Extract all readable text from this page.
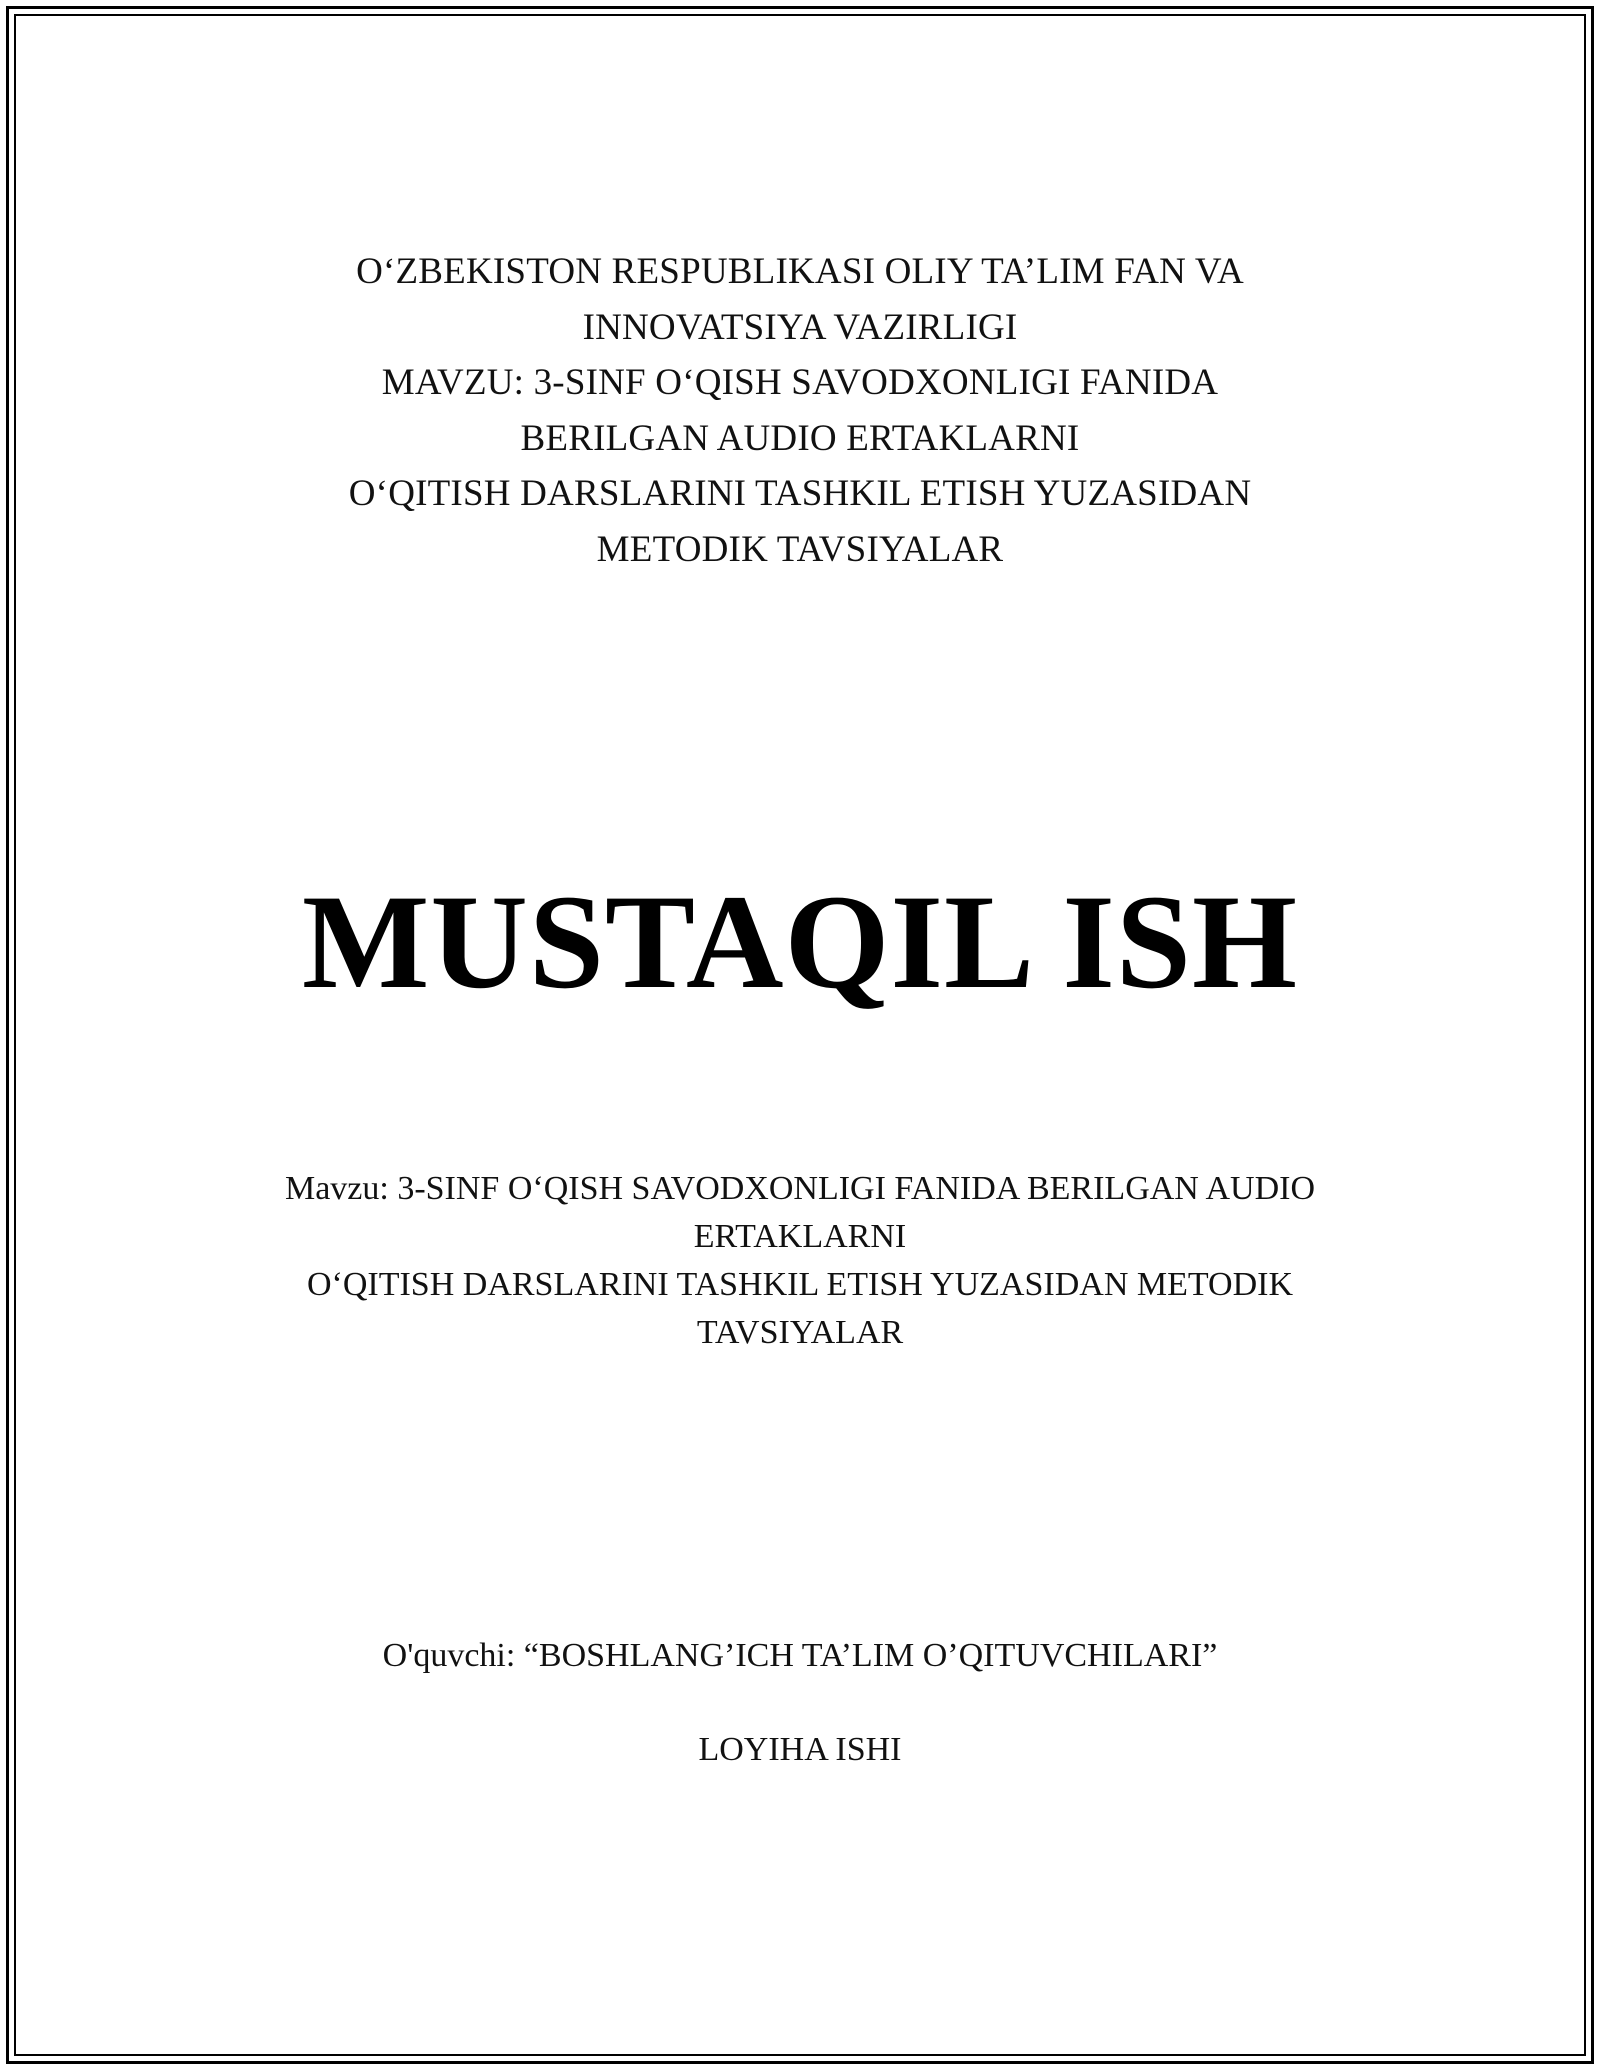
O‘ZBEKISTON RESPUBLIKASI OLIY TA’LIM FAN VA
INNOVATSIYA VAZIRLIGI
MAVZU: 3-SINF O‘QISH SAVODXONLIGI FANIDA
BERILGAN AUDIO ERTAKLARNI
O‘QITISH DARSLARINI TASHKIL ETISH YUZASIDAN
METODIK TAVSIYALAR
MUSTAQIL ISH
Mavzu: 3-SINF O‘QISH SAVODXONLIGI FANIDA BERILGAN AUDIO
ERTAKLARNI
O‘QITISH DARSLARINI TASHKIL ETISH YUZASIDAN METODIK
TAVSIYALAR
O'quvchi: “BOSHLANG’ICH TA’LIM O’QITUVCHILARI”
LOYIHA ISHI
